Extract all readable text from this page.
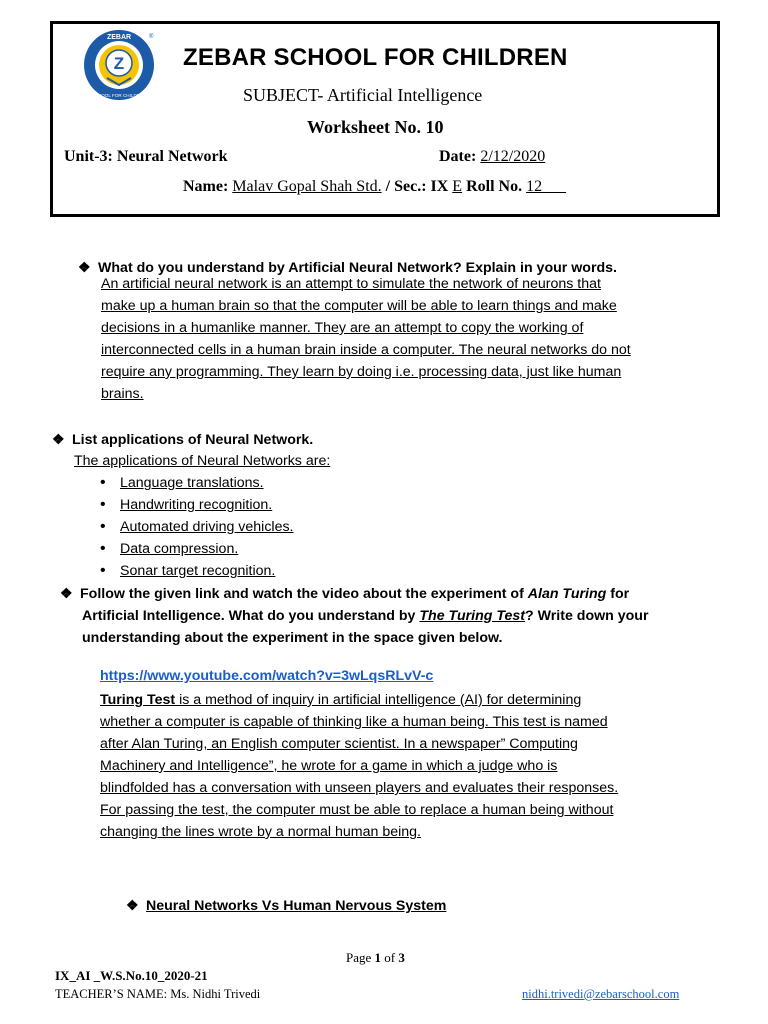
Z
ZEBAR
SCHOOL FOR CHILDREN
®
ZEBAR SCHOOL FOR CHILDREN
SUBJECT- Artificial Intelligence
Worksheet No. 10
Unit-3: Neural Network	Date: 2/12/2020
Name: Malav Gopal Shah Std. / Sec.: IX E Roll No. 12
❖ What do you understand by Artificial Neural Network? Explain in your words.
An artificial neural network is an attempt to simulate the network of neurons that
make up a human brain so that the computer will be able to learn things and make
decisions in a humanlike manner. They are an attempt to copy the working of
interconnected cells in a human brain inside a computer. The neural networks do not
require any programming. They learn by doing i.e. processing data, just like human
brains.
❖ List applications of Neural Network.
The applications of Neural Networks are:
• Language translations.
• Handwriting recognition.
• Automated driving vehicles.
• Data compression.
• Sonar target recognition.
❖ Follow the given link and watch the video about the experiment of Alan Turing for
Artificial Intelligence. What do you understand by The Turing Test? Write down your
understanding about the experiment in the space given below.
https://www.youtube.com/watch?v=3wLqsRLvV-c
Turing Test is a method of inquiry in artificial intelligence (AI) for determining
whether a computer is capable of thinking like a human being. This test is named
after Alan Turing, an English computer scientist. In a newspaper” Computing
Machinery and Intelligence”, he wrote for a game in which a judge who is
blindfolded has a conversation with unseen players and evaluates their responses.
For passing the test, the computer must be able to replace a human being without
changing the lines wrote by a normal human being.
❖ Neural Networks Vs Human Nervous System
Page 1 of 3
IX_AI _W.S.No.10_2020-21
TEACHER’S NAME: Ms. Nidhi Trivedi	nidhi.trivedi@zebarschool.com
